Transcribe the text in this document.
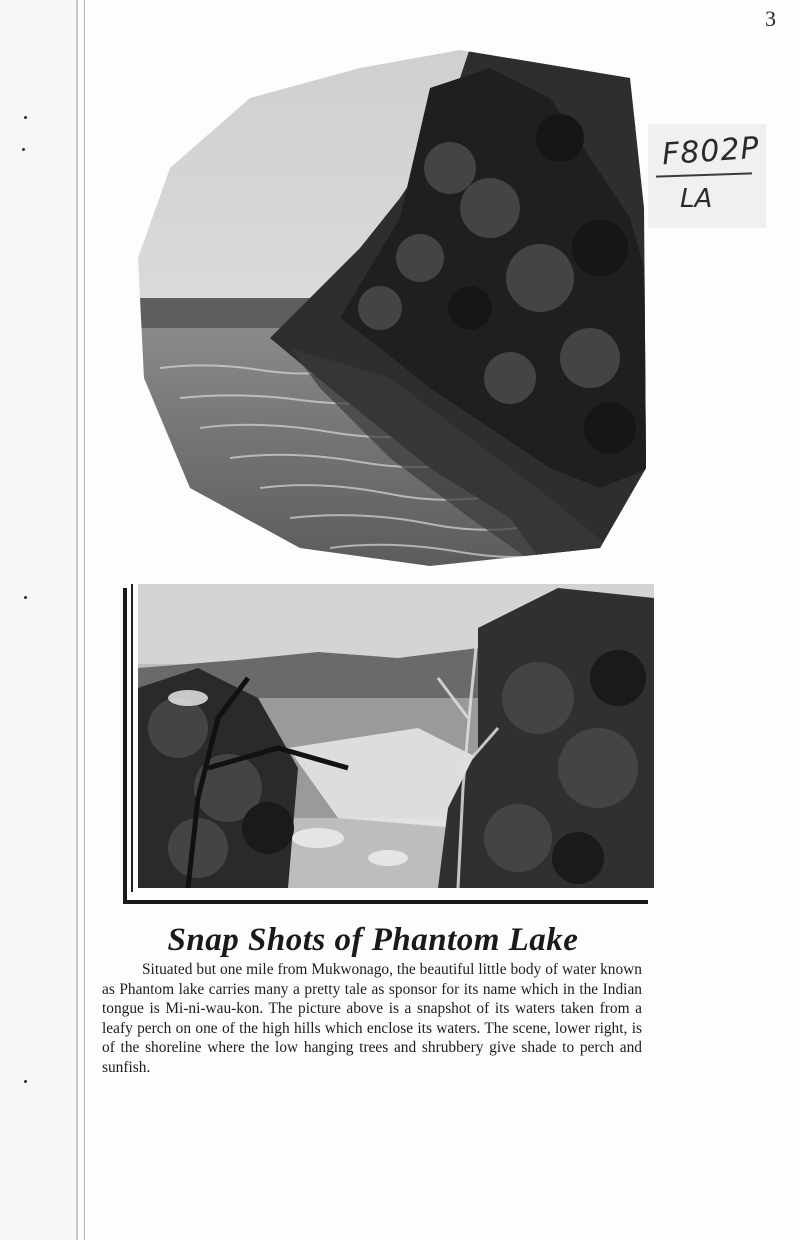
3
F802P
LA
Snap Shots of Phantom Lake

Situated but one mile from Mukwonago, the beautiful little body of water known as Phantom lake carries many a pretty tale as sponsor for its name which in the Indian tongue is Mi-ni-wau-kon. The picture above is a snapshot of its waters taken from a leafy perch on one of the high hills which enclose its waters. The scene, lower right, is of the shoreline where the low hanging trees and shrubbery give shade to perch and sunfish.
